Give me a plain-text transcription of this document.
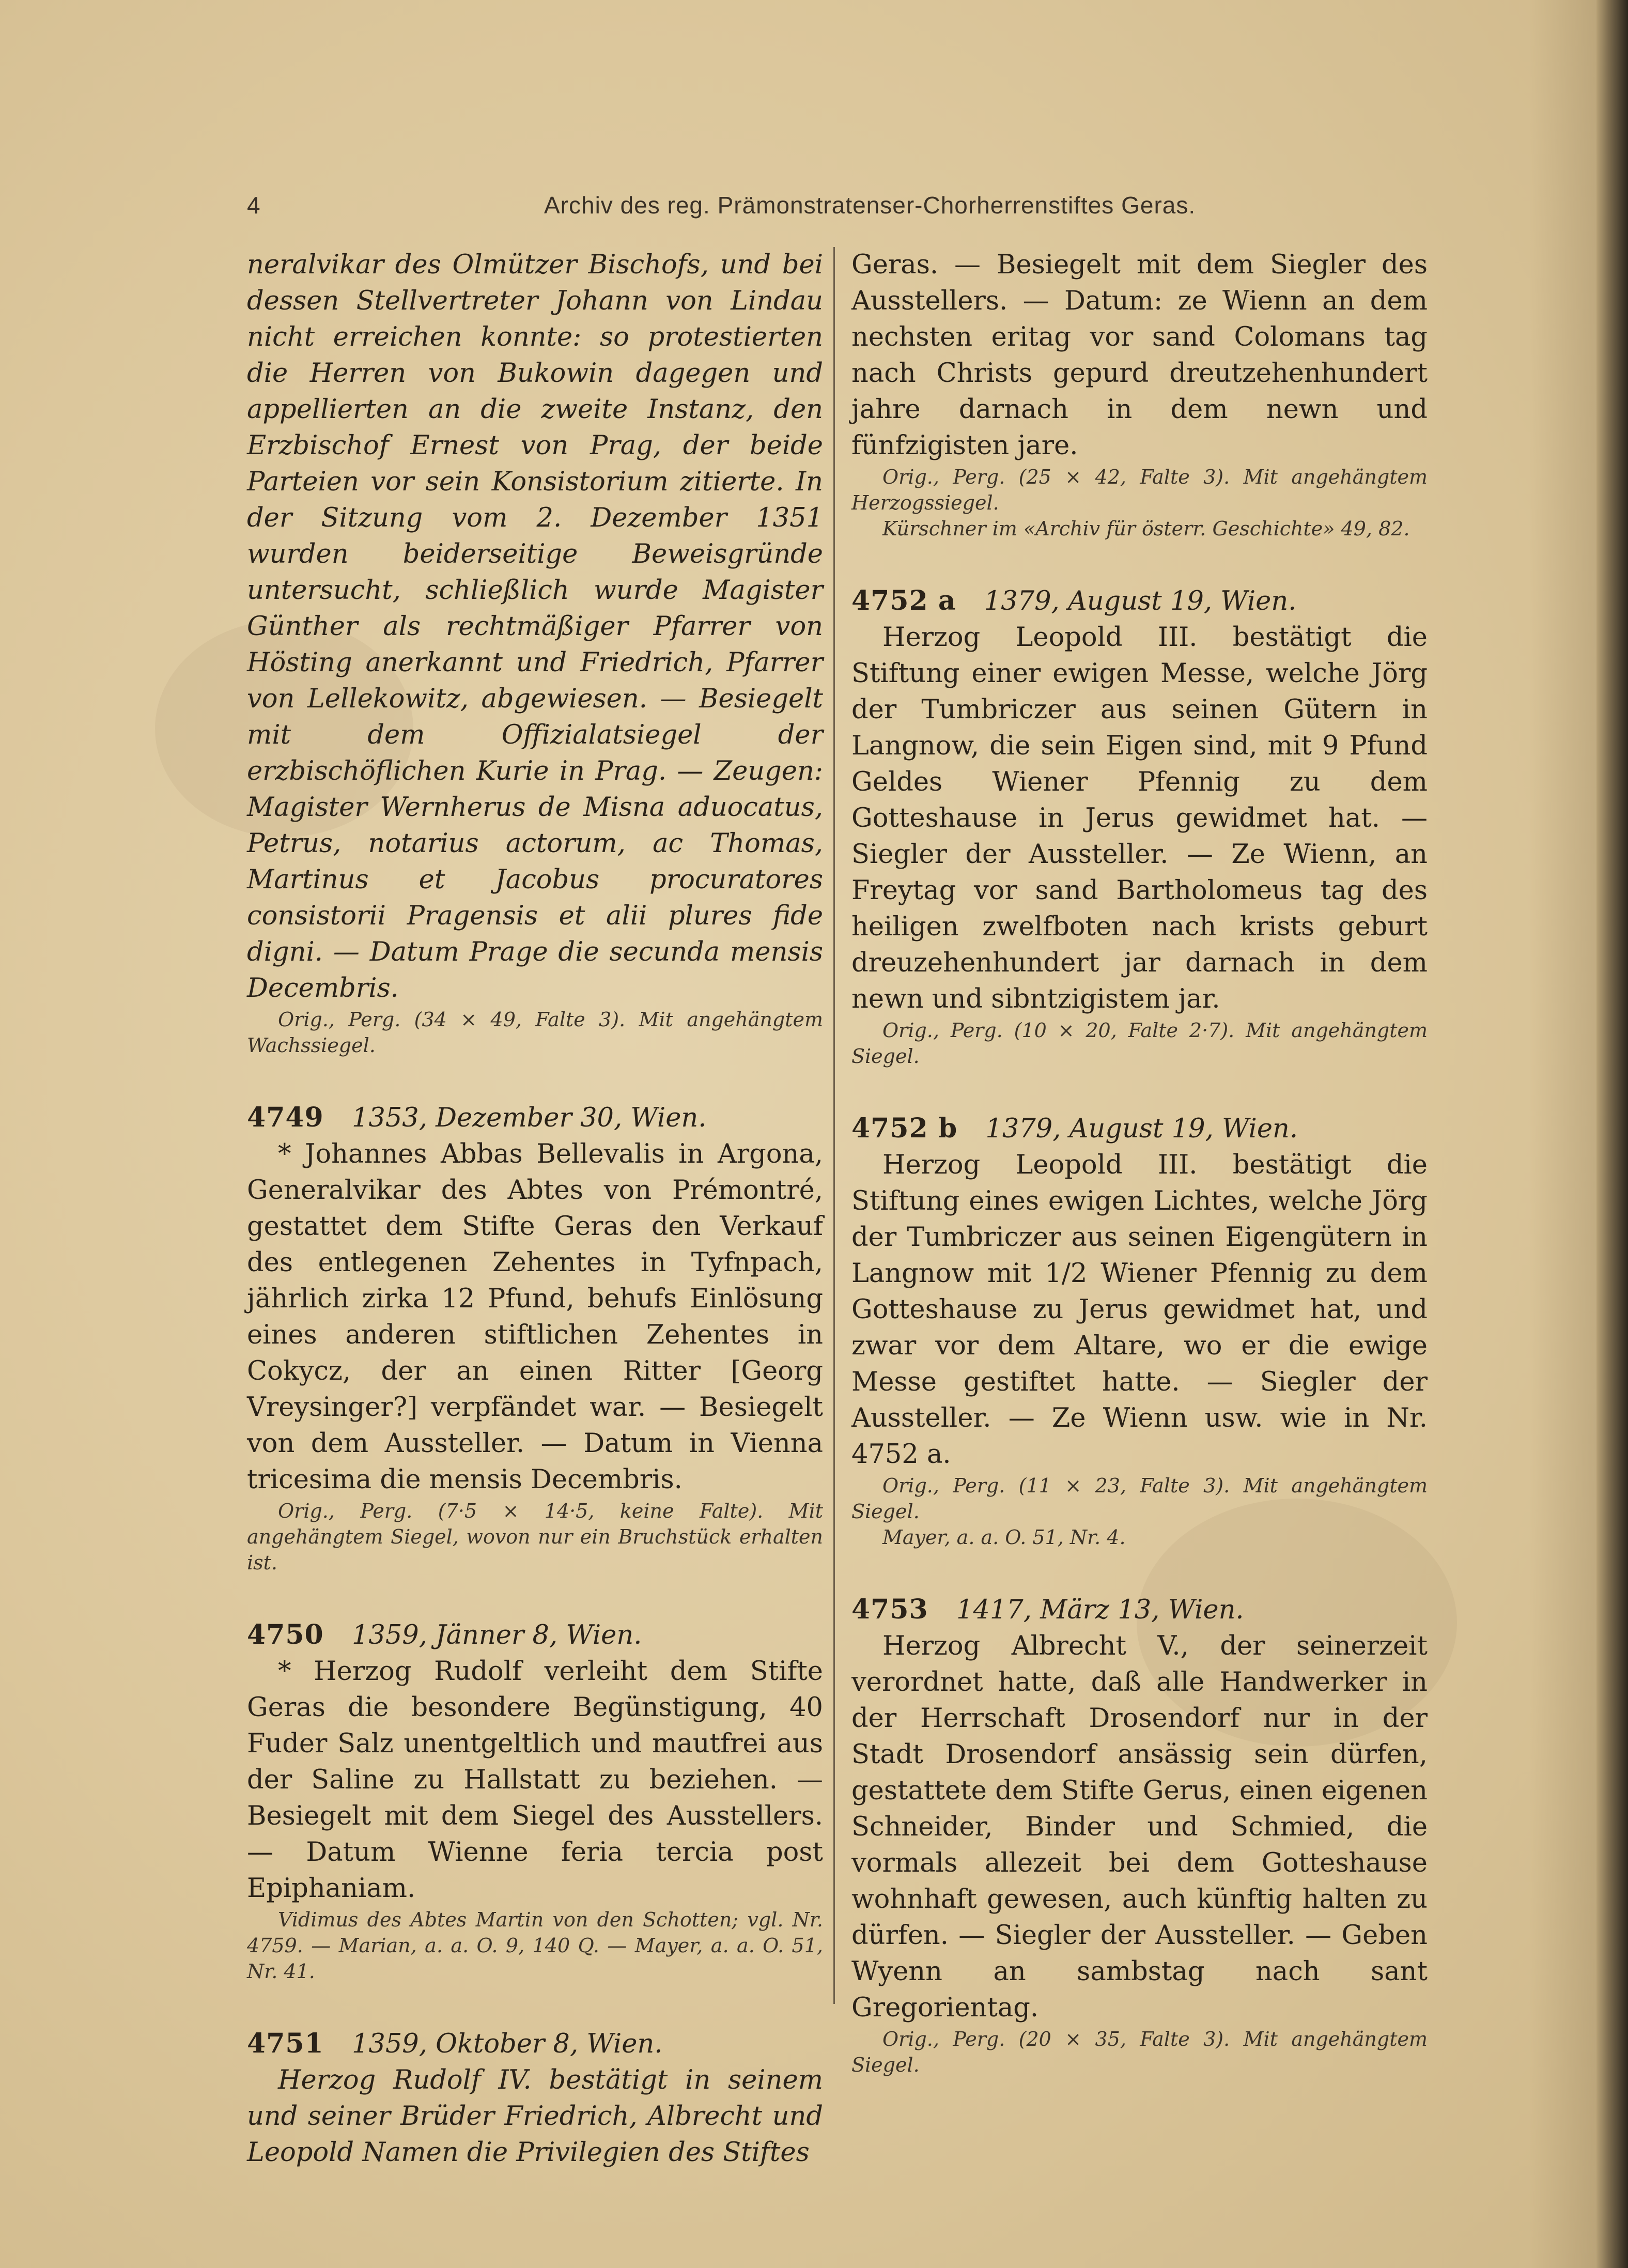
4	Archiv des reg. Prämonstratenser-Chorherrenstiftes Geras.

neralvikar des Olmützer Bischofs, und bei dessen Stellvertreter Johann von Lindau nicht erreichen konnte: so protestierten die Herren von Bukowin dagegen und appellierten an die zweite Instanz, den Erzbischof Ernest von Prag, der beide Parteien vor sein Konsistorium zitierte. In der Sitzung vom 2. Dezember 1351 wurden beiderseitige Beweisgründe untersucht, schließlich wurde Magister Günther als rechtmäßiger Pfarrer von Hösting anerkannt und Friedrich, Pfarrer von Lellekowitz, abgewiesen. — Besiegelt mit dem Offizialatsiegel der erzbischöflichen Kurie in Prag. — Zeugen: Magister Wernherus de Misna aduocatus, Petrus, notarius actorum, ac Thomas, Martinus et Jacobus procuratores consistorii Pragensis et alii plures fide digni. — Datum Prage die secunda mensis Decembris.

Orig., Perg. (34 × 49, Falte 3). Mit angehängtem Wachssiegel.

4749 1353, Dezember 30, Wien.

* Johannes Abbas Bellevalis in Argona, Generalvikar des Abtes von Prémontré, gestattet dem Stifte Geras den Verkauf des entlegenen Zehentes in Tyfnpach, jährlich zirka 12 Pfund, behufs Einlösung eines anderen stiftlichen Zehentes in Cokycz, der an einen Ritter [Georg Vreysinger?] verpfändet war. — Besiegelt von dem Aussteller. — Datum in Vienna tricesima die mensis Decembris.

Orig., Perg. (7·5 × 14·5, keine Falte). Mit angehängtem Siegel, wovon nur ein Bruchstück erhalten ist.

4750 1359, Jänner 8, Wien.

* Herzog Rudolf verleiht dem Stifte Geras die besondere Begünstigung, 40 Fuder Salz unentgeltlich und mautfrei aus der Saline zu Hallstatt zu beziehen. — Besiegelt mit dem Siegel des Ausstellers. — Datum Wienne feria tercia post Epiphaniam.

Vidimus des Abtes Martin von den Schotten; vgl. Nr. 4759. — Marian, a. a. O. 9, 140 Q. — Mayer, a. a. O. 51, Nr. 41.

4751 1359, Oktober 8, Wien.

Herzog Rudolf IV. bestätigt in seinem und seiner Brüder Friedrich, Albrecht und Leopold Namen die Privilegien des Stiftes

Geras. — Besiegelt mit dem Siegler des Ausstellers. — Datum: ze Wienn an dem nechsten eritag vor sand Colomans tag nach Christs gepurd dreutzehenhundert jahre darnach in dem newn und fünfzigisten jare.

Orig., Perg. (25 × 42, Falte 3). Mit angehängtem Herzogssiegel.

Kürschner im «Archiv für österr. Geschichte» 49, 82.

4752 a 1379, August 19, Wien.

Herzog Leopold III. bestätigt die Stiftung einer ewigen Messe, welche Jörg der Tumbriczer aus seinen Gütern in Langnow, die sein Eigen sind, mit 9 Pfund Geldes Wiener Pfennig zu dem Gotteshause in Jerus gewidmet hat. — Siegler der Aussteller. — Ze Wienn, an Freytag vor sand Bartholomeus tag des heiligen zwelfboten nach krists geburt dreuzehenhundert jar darnach in dem newn und sibntzigistem jar.

Orig., Perg. (10 × 20, Falte 2·7). Mit angehängtem Siegel.

4752 b 1379, August 19, Wien.

Herzog Leopold III. bestätigt die Stiftung eines ewigen Lichtes, welche Jörg der Tumbriczer aus seinen Eigengütern in Langnow mit 1/2 Wiener Pfennig zu dem Gotteshause zu Jerus gewidmet hat, und zwar vor dem Altare, wo er die ewige Messe gestiftet hatte. — Siegler der Aussteller. — Ze Wienn usw. wie in Nr. 4752 a.

Orig., Perg. (11 × 23, Falte 3). Mit angehängtem Siegel.

Mayer, a. a. O. 51, Nr. 4.

4753 1417, März 13, Wien.

Herzog Albrecht V., der seinerzeit verordnet hatte, daß alle Handwerker in der Herrschaft Drosendorf nur in der Stadt Drosendorf ansässig sein dürfen, gestattete dem Stifte Gerus, einen eigenen Schneider, Binder und Schmied, die vormals allezeit bei dem Gotteshause wohnhaft gewesen, auch künftig halten zu dürfen. — Siegler der Aussteller. — Geben Wyenn an sambstag nach sant Gregorientag.

Orig., Perg. (20 × 35, Falte 3). Mit angehängtem Siegel.
